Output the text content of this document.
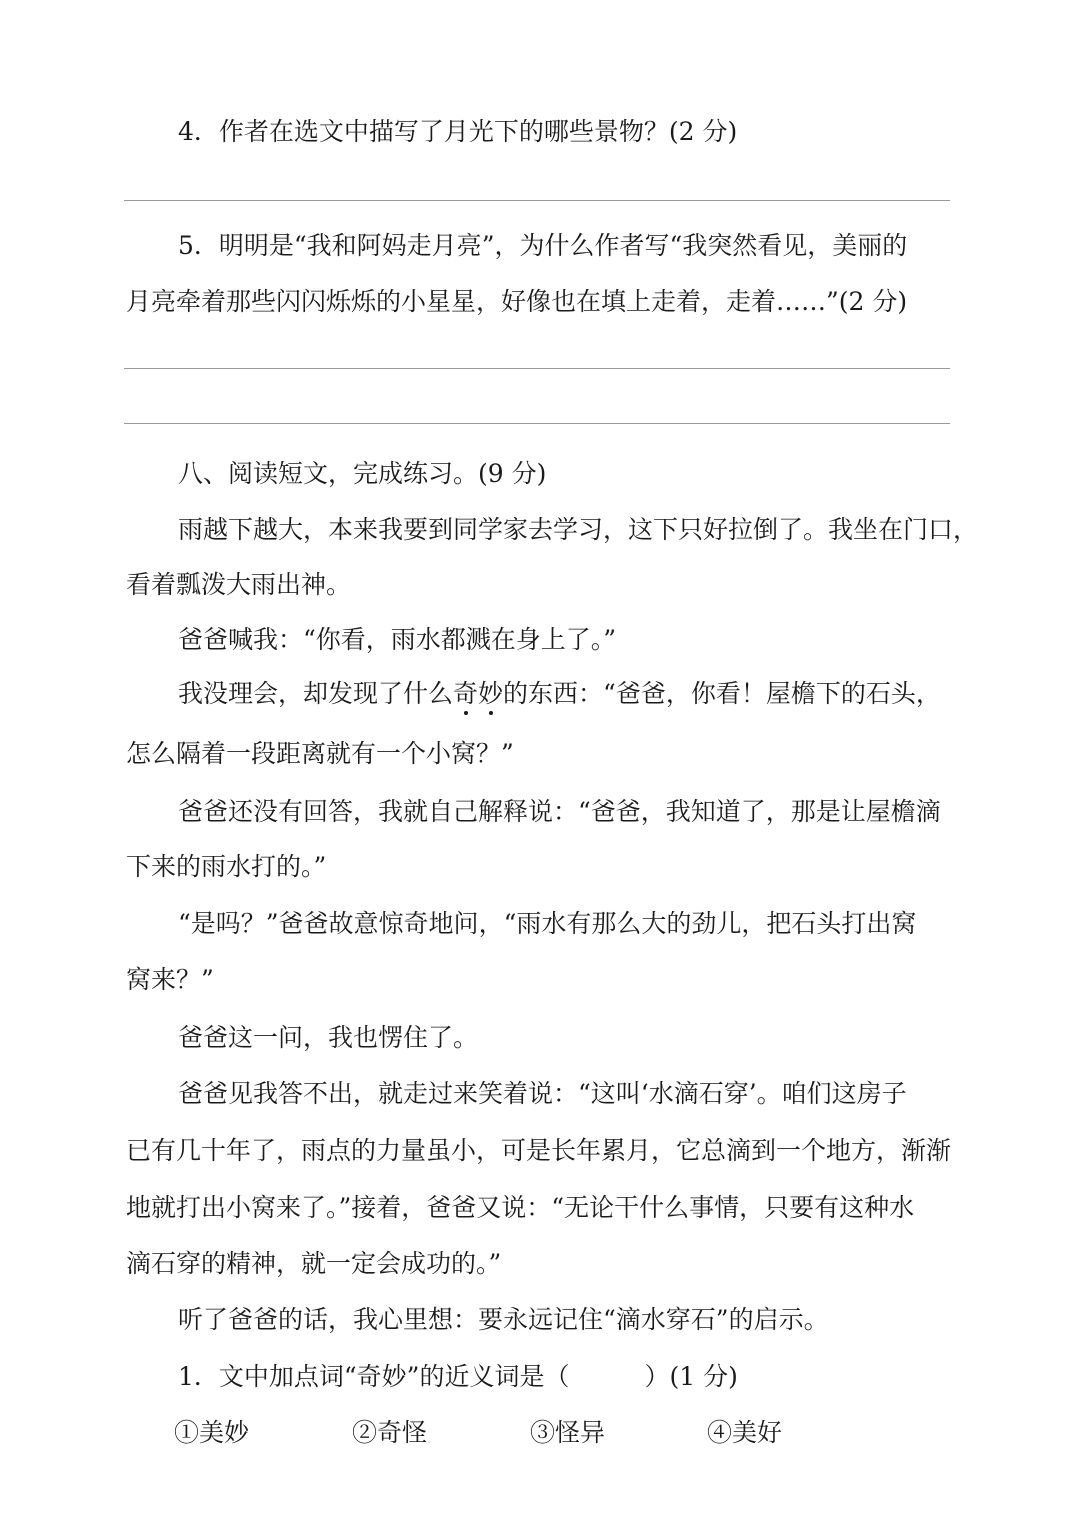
4．作者在选文中描写了月光下的哪些景物？(2 分)
5．明明是“我和阿妈走月亮”，为什么作者写“我突然看见，美丽的
月亮牵着那些闪闪烁烁的小星星，好像也在填上走着，走着……”(2 分)
八、阅读短文，完成练习。(9 分)
雨越下越大，本来我要到同学家去学习，这下只好拉倒了。我坐在门口，
看着瓢泼大雨出神。
爸爸喊我：“你看，雨水都溅在身上了。”
我没理会，却发现了什么奇
妙
的东西：“爸爸，你看！屋檐下的石头，
怎么隔着一段距离就有一个小窝？”
爸爸还没有回答，我就自己解释说：“爸爸，我知道了，那是让屋檐滴
下来的雨水打的。”
“是吗？”爸爸故意惊奇地问，“雨水有那么大的劲儿，把石头打出窝
窝来？”
爸爸这一问，我也愣住了。
爸爸见我答不出，就走过来笑着说：“这叫‘水滴石穿’。咱们这房子
已有几十年了，雨点的力量虽小，可是长年累月，它总滴到一个地方，渐渐
地就打出小窝来了。”接着，爸爸又说：“无论干什么事情，只要有这种水
滴石穿的精神，就一定会成功的。”
听了爸爸的话，我心里想：要永远记住“滴水穿石”的启示。
1．文中加点词“奇妙”的近义词是（　　　）(1 分)
①美妙	②奇怪	③怪异	④美好
